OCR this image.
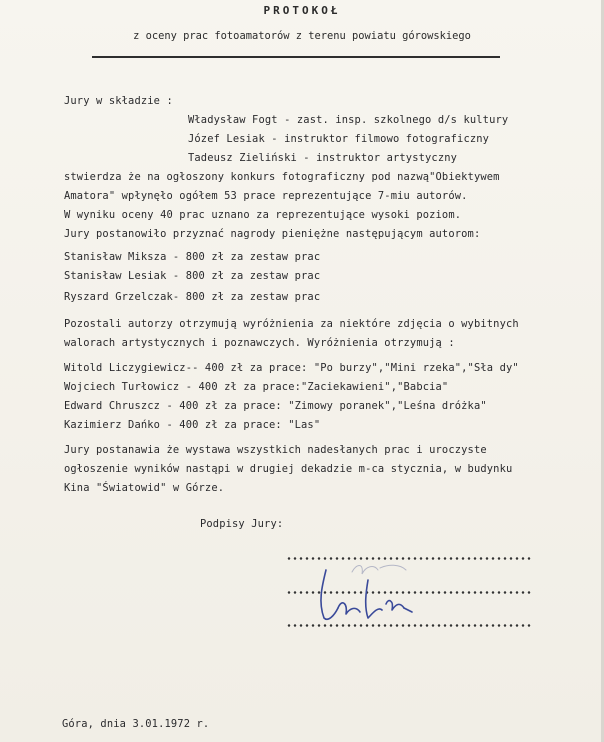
PROTOKOŁ
z oceny prac fotoamatorów z terenu powiatu górowskiego
Jury w składzie :
Władysław Fogt - zast. insp. szkolnego d/s kultury
Józef Lesiak - instruktor filmowo fotograficzny
Tadeusz Zieliński - instruktor artystyczny
stwierdza że na ogłoszony konkurs fotograficzny pod nazwą"Obiektywem
Amatora" wpłynęło ogółem 53 prace reprezentujące 7-miu autorów.
W wyniku oceny 40 prac uznano za reprezentujące wysoki poziom.
Jury postanowiło przyznać nagrody pieniężne następującym autorom:
Stanisław Miksza - 800 zł za zestaw prac
Stanisław Lesiak - 800 zł za zestaw prac
Ryszard Grzelczak- 800 zł za zestaw prac
Pozostali autorzy otrzymują wyróżnienia za niektóre zdjęcia o wybitnych
walorach artystycznych i poznawczych. Wyróżnienia otrzymują :
Witold Liczygiewicz-- 400 zł za prace: "Po burzy","Mini rzeka","Sła dy"
Wojciech Turłowicz - 400 zł za prace:"Zaciekawieni","Babcia"
Edward Chruszcz - 400 zł za prace: "Zimowy poranek","Leśna dróżka"
Kazimierz Dańko - 400 zł za prace: "Las"
Jury postanawia że wystawa wszystkich nadesłanych prac i uroczyste
ogłoszenie wyników nastąpi w drugiej dekadzie m-ca stycznia, w budynku
Kina "Światowid" w Górze.
Podpisy Jury:
Góra, dnia 3.01.1972 r.
